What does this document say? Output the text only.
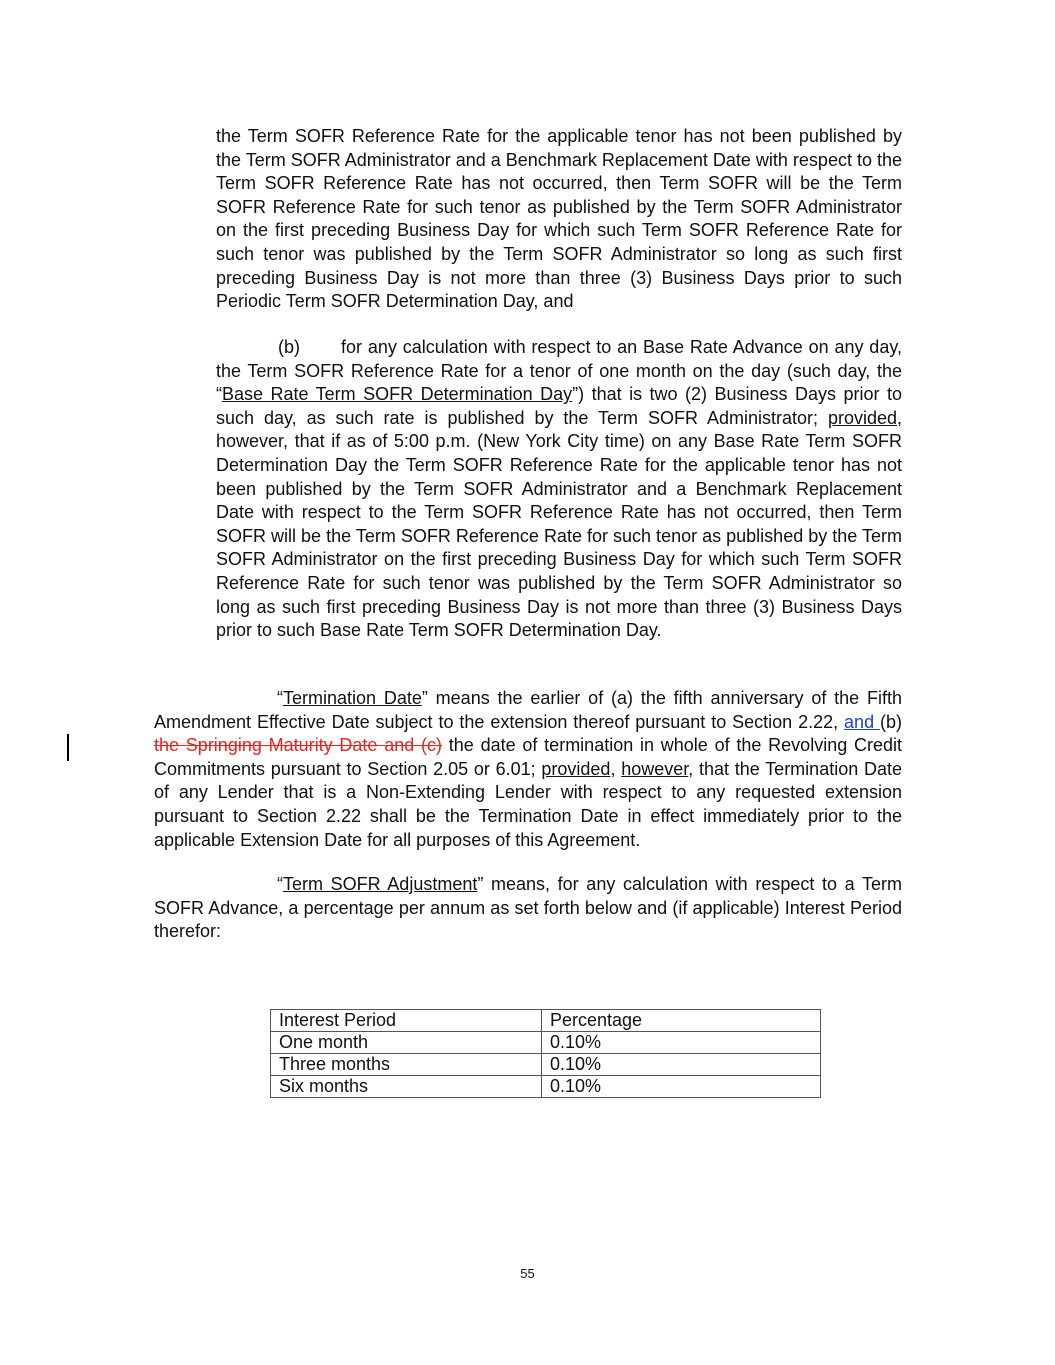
the Term SOFR Reference Rate for the applicable tenor has not been published by the Term SOFR Administrator and a Benchmark Replacement Date with respect to the Term SOFR Reference Rate has not occurred, then Term SOFR will be the Term SOFR Reference Rate for such tenor as published by the Term SOFR Administrator on the first preceding Business Day for which such Term SOFR Reference Rate for such tenor was published by the Term SOFR Administrator so long as such first preceding Business Day is not more than three (3) Business Days prior to such Periodic Term SOFR Determination Day, and

(b) for any calculation with respect to an Base Rate Advance on any day, the Term SOFR Reference Rate for a tenor of one month on the day (such day, the “Base Rate Term SOFR Determination Day”) that is two (2) Business Days prior to such day, as such rate is published by the Term SOFR Administrator; provided, however, that if as of 5:00 p.m. (New York City time) on any Base Rate Term SOFR Determination Day the Term SOFR Reference Rate for the applicable tenor has not been published by the Term SOFR Administrator and a Benchmark Replacement Date with respect to the Term SOFR Reference Rate has not occurred, then Term SOFR will be the Term SOFR Reference Rate for such tenor as published by the Term SOFR Administrator on the first preceding Business Day for which such Term SOFR Reference Rate for such tenor was published by the Term SOFR Administrator so long as such first preceding Business Day is not more than three (3) Business Days prior to such Base Rate Term SOFR Determination Day.

“Termination Date” means the earlier of (a) the fifth anniversary of the Fifth Amendment Effective Date subject to the extension thereof pursuant to Section 2.22, and (b) the Springing Maturity Date and (c) the date of termination in whole of the Revolving Credit Commitments pursuant to Section 2.05 or 6.01; provided, however, that the Termination Date of any Lender that is a Non-Extending Lender with respect to any requested extension pursuant to Section 2.22 shall be the Termination Date in effect immediately prior to the applicable Extension Date for all purposes of this Agreement.

“Term SOFR Adjustment” means, for any calculation with respect to a Term SOFR Advance, a percentage per annum as set forth below and (if applicable) Interest Period therefor:

Interest Period	Percentage
One month	0.10%
Three months	0.10%
Six months	0.10%
55
